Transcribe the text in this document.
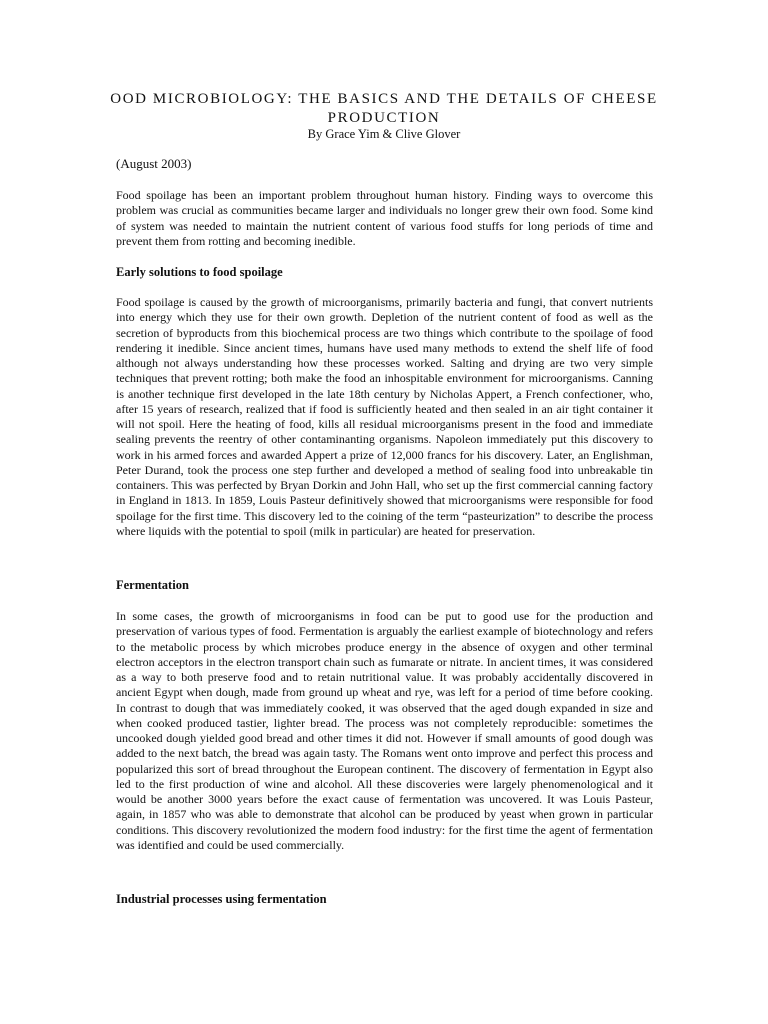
OOD MICROBIOLOGY: THE BASICS AND THE DETAILS OF CHEESE PRODUCTION

By Grace Yim & Clive Glover

(August 2003)

Food spoilage has been an important problem throughout human history. Finding ways to overcome this problem was crucial as communities became larger and individuals no longer grew their own food. Some kind of system was needed to maintain the nutrient content of various food stuffs for long periods of time and prevent them from rotting and becoming inedible.

Early solutions to food spoilage

Food spoilage is caused by the growth of microorganisms, primarily bacteria and fungi, that convert nutrients into energy which they use for their own growth. Depletion of the nutrient content of food as well as the secretion of byproducts from this biochemical process are two things which contribute to the spoilage of food rendering it inedible. Since ancient times, humans have used many methods to extend the shelf life of food although not always understanding how these processes worked. Salting and drying are two very simple techniques that prevent rotting; both make the food an inhospitable environment for microorganisms. Canning is another technique first developed in the late 18th century by Nicholas Appert, a French confectioner, who, after 15 years of research, realized that if food is sufficiently heated and then sealed in an air tight container it will not spoil. Here the heating of food, kills all residual microorganisms present in the food and immediate sealing prevents the reentry of other contaminanting organisms. Napoleon immediately put this discovery to work in his armed forces and awarded Appert a prize of 12,000 francs for his discovery. Later, an Englishman, Peter Durand, took the process one step further and developed a method of sealing food into unbreakable tin containers. This was perfected by Bryan Dorkin and John Hall, who set up the first commercial canning factory in England in 1813. In 1859, Louis Pasteur definitively showed that microorganisms were responsible for food spoilage for the first time. This discovery led to the coining of the term “pasteurization” to describe the process where liquids with the potential to spoil (milk in particular) are heated for preservation.

Fermentation

In some cases, the growth of microorganisms in food can be put to good use for the production and preservation of various types of food. Fermentation is arguably the earliest example of biotechnology and refers to the metabolic process by which microbes produce energy in the absence of oxygen and other terminal electron acceptors in the electron transport chain such as fumarate or nitrate. In ancient times, it was considered as a way to both preserve food and to retain nutritional value. It was probably accidentally discovered in ancient Egypt when dough, made from ground up wheat and rye, was left for a period of time before cooking. In contrast to dough that was immediately cooked, it was observed that the aged dough expanded in size and when cooked produced tastier, lighter bread. The process was not completely reproducible: sometimes the uncooked dough yielded good bread and other times it did not. However if small amounts of good dough was added to the next batch, the bread was again tasty. The Romans went onto improve and perfect this process and popularized this sort of bread throughout the European continent. The discovery of fermentation in Egypt also led to the first production of wine and alcohol. All these discoveries were largely phenomenological and it would be another 3000 years before the exact cause of fermentation was uncovered. It was Louis Pasteur, again, in 1857 who was able to demonstrate that alcohol can be produced by yeast when grown in particular conditions. This discovery revolutionized the modern food industry: for the first time the agent of fermentation was identified and could be used commercially.

Industrial processes using fermentation
